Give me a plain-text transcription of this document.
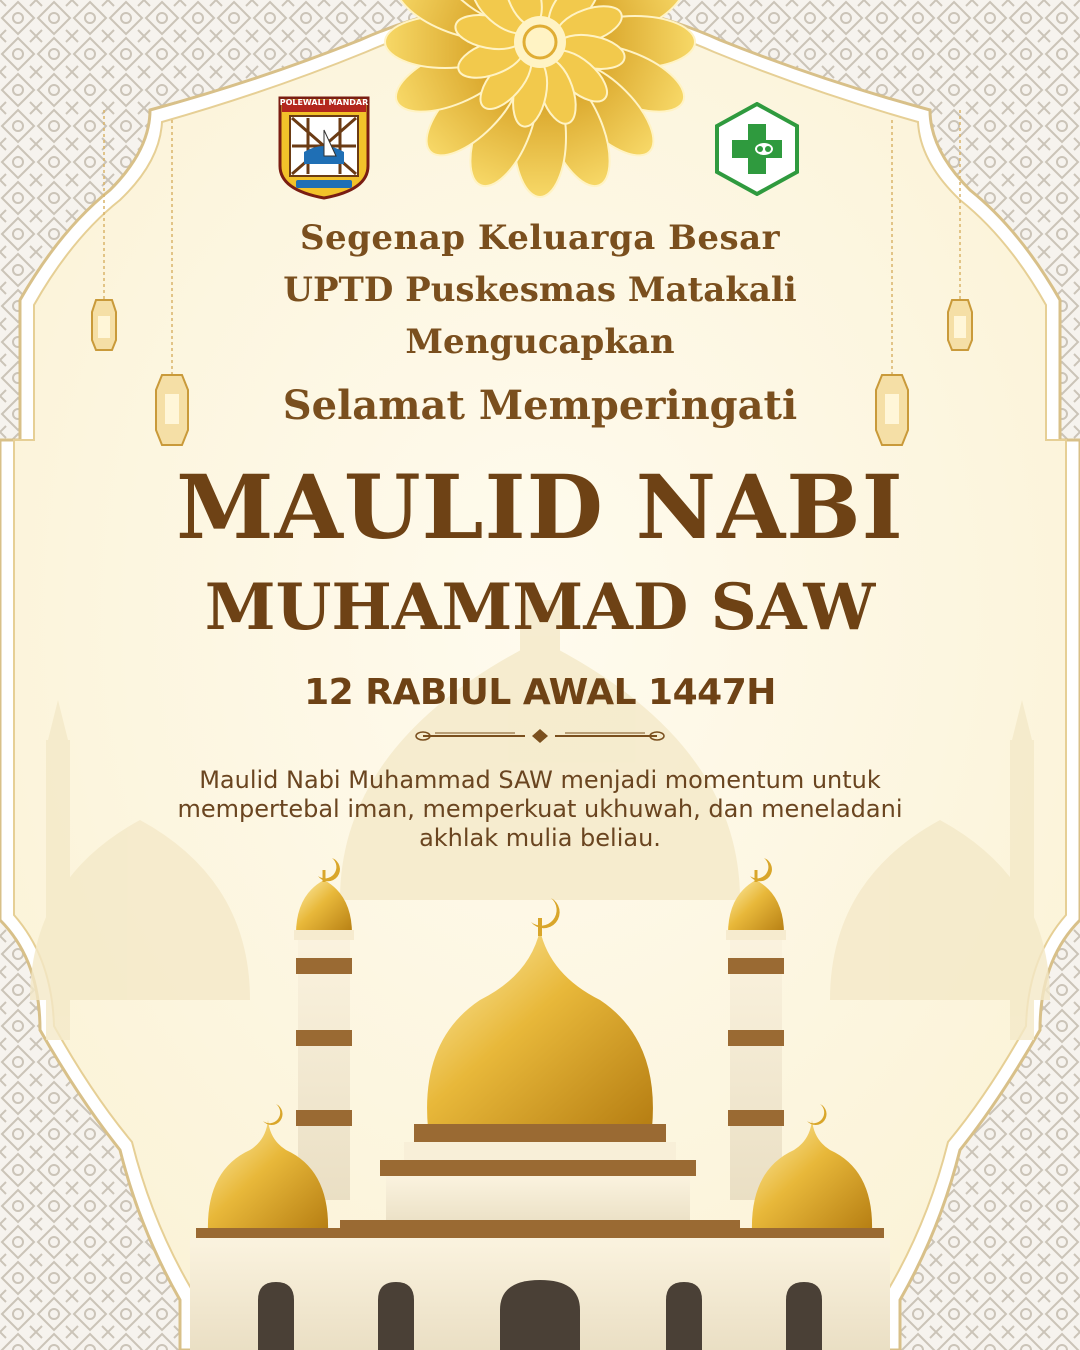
POLEWALI MANDAR

Segenap Keluarga Besar

UPTD Puskesmas Matakali

Mengucapkan

Selamat Memperingati

MAULID NABI
MUHAMMAD SAW

12 RABIUL AWAL 1447H

Maulid Nabi Muhammad SAW menjadi momentum untuk mempertebal iman, memperkuat ukhuwah, dan meneladani akhlak mulia beliau.
